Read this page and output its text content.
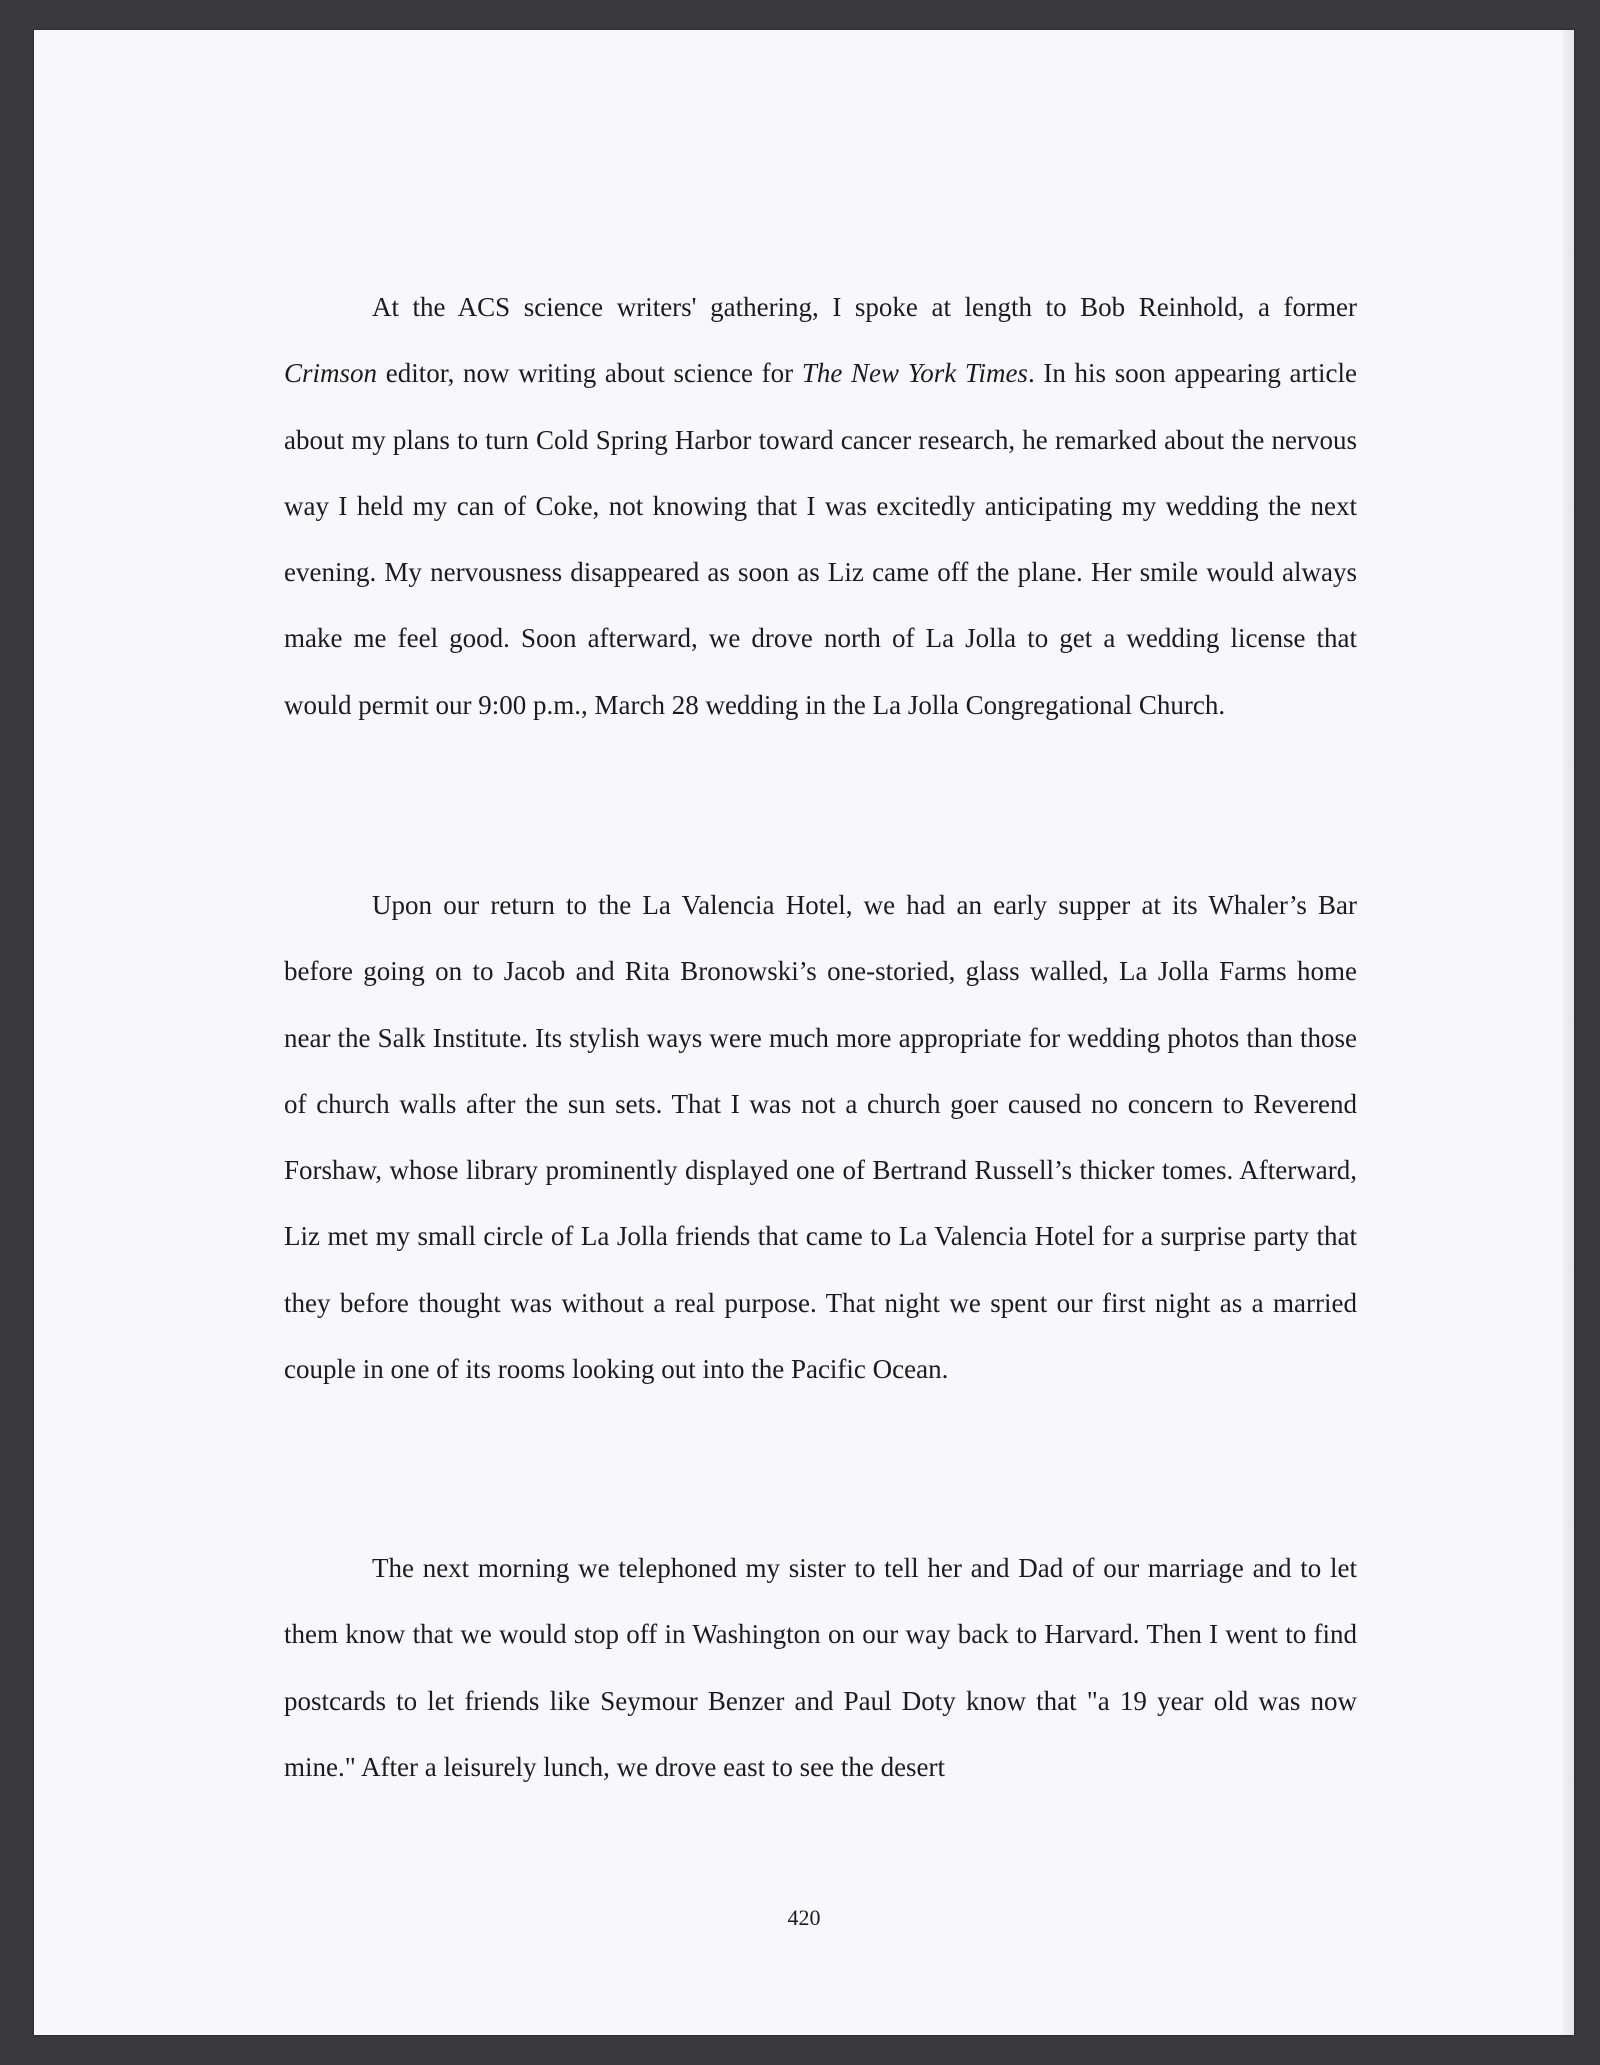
At the ACS science writers' gathering, I spoke at length to Bob Reinhold, a former Crimson editor, now writing about science for The New York Times. In his soon appearing article about my plans to turn Cold Spring Harbor toward cancer research, he remarked about the nervous way I held my can of Coke, not knowing that I was excitedly anticipating my wedding the next evening. My nervousness disappeared as soon as Liz came off the plane. Her smile would always make me feel good. Soon afterward, we drove north of La Jolla to get a wedding license that would permit our 9:00 p.m., March 28 wedding in the La Jolla Congregational Church.

Upon our return to the La Valencia Hotel, we had an early supper at its Whaler’s Bar before going on to Jacob and Rita Bronowski’s one-storied, glass walled, La Jolla Farms home near the Salk Institute. Its stylish ways were much more appropriate for wedding photos than those of church walls after the sun sets. That I was not a church goer caused no concern to Reverend Forshaw, whose library prominently displayed one of Bertrand Russell’s thicker tomes. Afterward, Liz met my small circle of La Jolla friends that came to La Valencia Hotel for a surprise party that they before thought was without a real purpose. That night we spent our first night as a married couple in one of its rooms looking out into the Pacific Ocean.

The next morning we telephoned my sister to tell her and Dad of our marriage and to let them know that we would stop off in Washington on our way back to Harvard. Then I went to find postcards to let friends like Seymour Benzer and Paul Doty know that "a 19 year old was now mine." After a leisurely lunch, we drove east to see the desert

420
